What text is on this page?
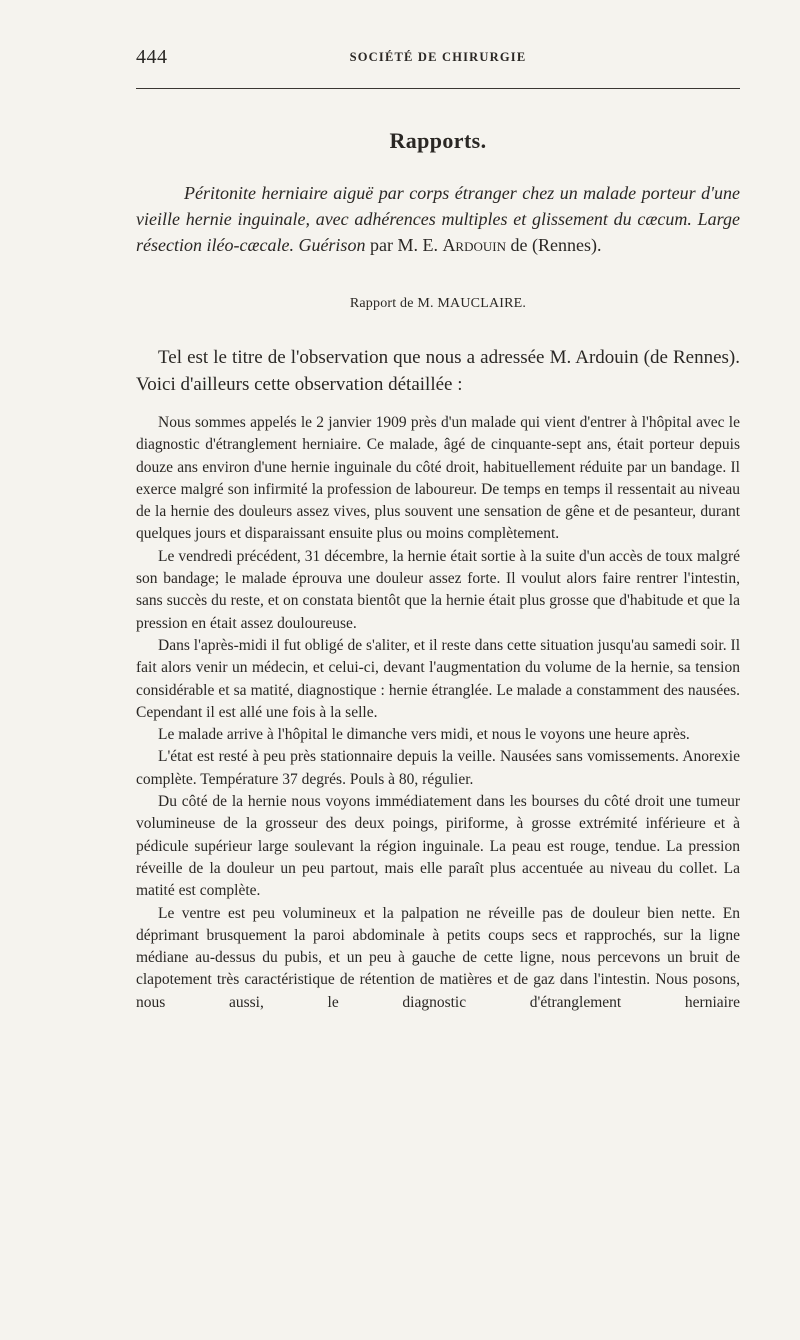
444	SOCIÉTÉ DE CHIRURGIE
Rapports.

Péritonite herniaire aiguë par corps étranger chez un malade porteur d'une vieille hernie inguinale, avec adhérences multiples et glissement du cæcum. Large résection iléo-cæcale. Guérison par M. E. Ardouin de (Rennes).

Rapport de M. MAUCLAIRE.

Tel est le titre de l'observation que nous a adressée M. Ardouin (de Rennes). Voici d'ailleurs cette observation détaillée :

Nous sommes appelés le 2 janvier 1909 près d'un malade qui vient d'entrer à l'hôpital avec le diagnostic d'étranglement herniaire. Ce malade, âgé de cinquante-sept ans, était porteur depuis douze ans environ d'une hernie inguinale du côté droit, habituellement réduite par un bandage. Il exerce malgré son infirmité la profession de laboureur. De temps en temps il ressentait au niveau de la hernie des douleurs assez vives, plus souvent une sensation de gêne et de pesanteur, durant quelques jours et disparaissant ensuite plus ou moins complètement.

Le vendredi précédent, 31 décembre, la hernie était sortie à la suite d'un accès de toux malgré son bandage; le malade éprouva une douleur assez forte. Il voulut alors faire rentrer l'intestin, sans succès du reste, et on constata bientôt que la hernie était plus grosse que d'habitude et que la pression en était assez douloureuse.

Dans l'après-midi il fut obligé de s'aliter, et il reste dans cette situation jusqu'au samedi soir. Il fait alors venir un médecin, et celui-ci, devant l'augmentation du volume de la hernie, sa tension considérable et sa matité, diagnostique : hernie étranglée. Le malade a constamment des nausées. Cependant il est allé une fois à la selle.

Le malade arrive à l'hôpital le dimanche vers midi, et nous le voyons une heure après.

L'état est resté à peu près stationnaire depuis la veille. Nausées sans vomissements. Anorexie complète. Température 37 degrés. Pouls à 80, régulier.

Du côté de la hernie nous voyons immédiatement dans les bourses du côté droit une tumeur volumineuse de la grosseur des deux poings, piriforme, à grosse extrémité inférieure et à pédicule supérieur large soulevant la région inguinale. La peau est rouge, tendue. La pression réveille de la douleur un peu partout, mais elle paraît plus accentuée au niveau du collet. La matité est complète.

Le ventre est peu volumineux et la palpation ne réveille pas de douleur bien nette. En déprimant brusquement la paroi abdominale à petits coups secs et rapprochés, sur la ligne médiane au-dessus du pubis, et un peu à gauche de cette ligne, nous percevons un bruit de clapotement très caractéristique de rétention de matières et de gaz dans l'intestin. Nous posons, nous aussi, le diagnostic d'étranglement herniaire
